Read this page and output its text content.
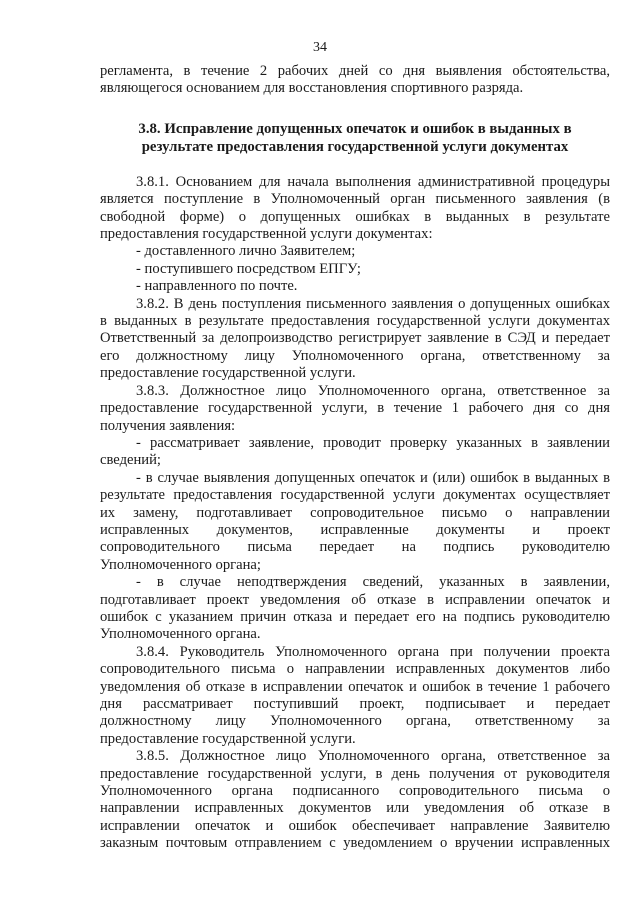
34
регламента, в течение 2 рабочих дней со дня выявления обстоятельства,
являющегося основанием для восстановления спортивного разряда.
3.8. Исправление допущенных опечаток и ошибок в выданных в
результате предоставления государственной услуги документах
3.8.1. Основанием для начала выполнения административной процедуры
является поступление в Уполномоченный орган письменного заявления (в
свободной форме) о допущенных ошибках в выданных в результате
предоставления государственной услуги документах:
- доставленного лично Заявителем;
- поступившего посредством ЕПГУ;
- направленного по почте.
3.8.2. В день поступления письменного заявления о допущенных ошибках
в выданных в результате предоставления государственной услуги документах
Ответственный за делопроизводство регистрирует заявление в СЭД и передает
его должностному лицу Уполномоченного органа, ответственному за
предоставление государственной услуги.
3.8.3. Должностное лицо Уполномоченного органа, ответственное за
предоставление государственной услуги, в течение 1 рабочего дня со дня
получения заявления:
- рассматривает заявление, проводит проверку указанных в заявлении
сведений;
- в случае выявления допущенных опечаток и (или) ошибок в выданных в
результате предоставления государственной услуги документах осуществляет
их замену, подготавливает сопроводительное письмо о направлении
исправленных документов, исправленные документы и проект
сопроводительного письма передает на подпись руководителю
Уполномоченного органа;
- в случае неподтверждения сведений, указанных в заявлении,
подготавливает проект уведомления об отказе в исправлении опечаток и
ошибок с указанием причин отказа и передает его на подпись руководителю
Уполномоченного органа.
3.8.4. Руководитель Уполномоченного органа при получении проекта
сопроводительного письма о направлении исправленных документов либо
уведомления об отказе в исправлении опечаток и ошибок в течение 1 рабочего
дня рассматривает поступивший проект, подписывает и передает
должностному лицу Уполномоченного органа, ответственному за
предоставление государственной услуги.
3.8.5. Должностное лицо Уполномоченного органа, ответственное за
предоставление государственной услуги, в день получения от руководителя
Уполномоченного органа подписанного сопроводительного письма о
направлении исправленных документов или уведомления об отказе в
исправлении опечаток и ошибок обеспечивает направление Заявителю
заказным почтовым отправлением с уведомлением о вручении исправленных
